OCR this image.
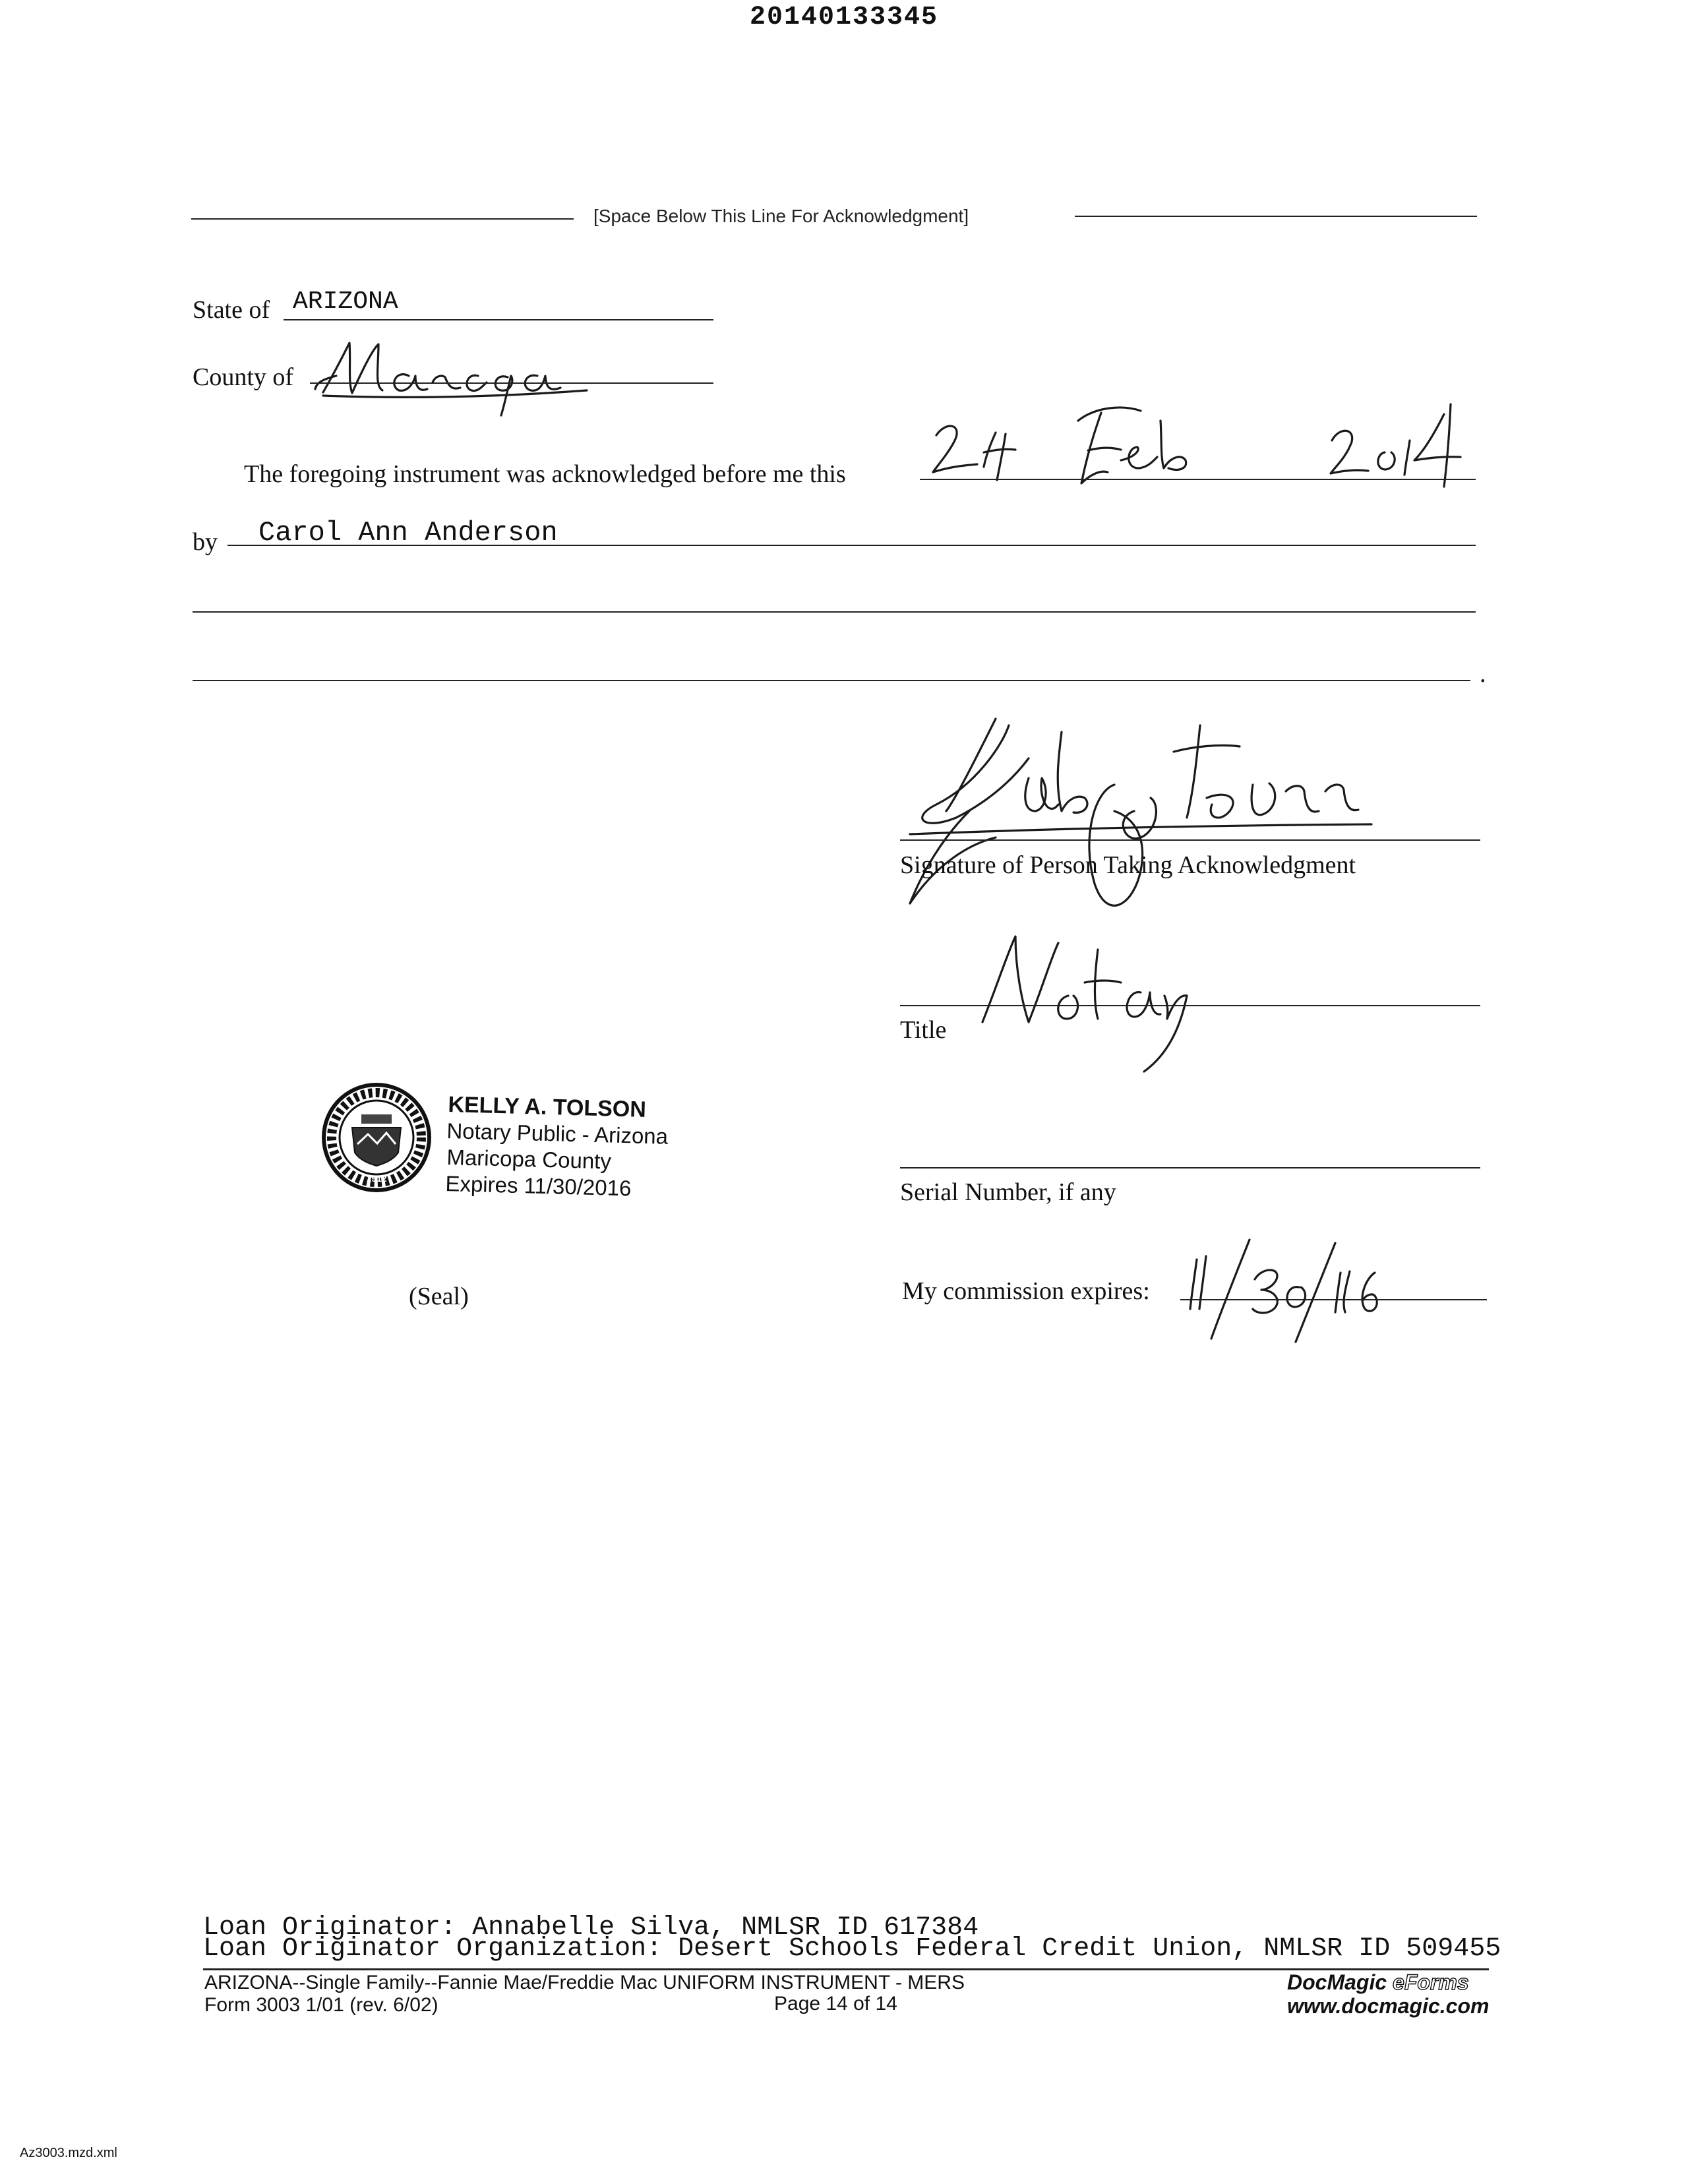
20140133345
[Space Below This Line For Acknowledgment]
State of ARIZONA
County of
The foregoing instrument was acknowledged before me this
by Carol Ann Anderson
.
Signature of Person Taking Acknowledgment
Title
1912
KELLY A. TOLSON
Notary Public - Arizona
Maricopa County
Expires 11/30/2016	Serial Number, if any
(Seal)	My commission expires:
Loan Originator: Annabelle Silva, NMLSR ID 617384
Loan Originator Organization: Desert Schools Federal Credit Union, NMLSR ID 509455
ARIZONA--Single Family--Fannie Mae/Freddie Mac UNIFORM INSTRUMENT - MERS
Form 3003 1/01 (rev. 6/02)	Page 14 of 14
DocMagic eForms
www.docmagic.com
Az3003.mzd.xml
